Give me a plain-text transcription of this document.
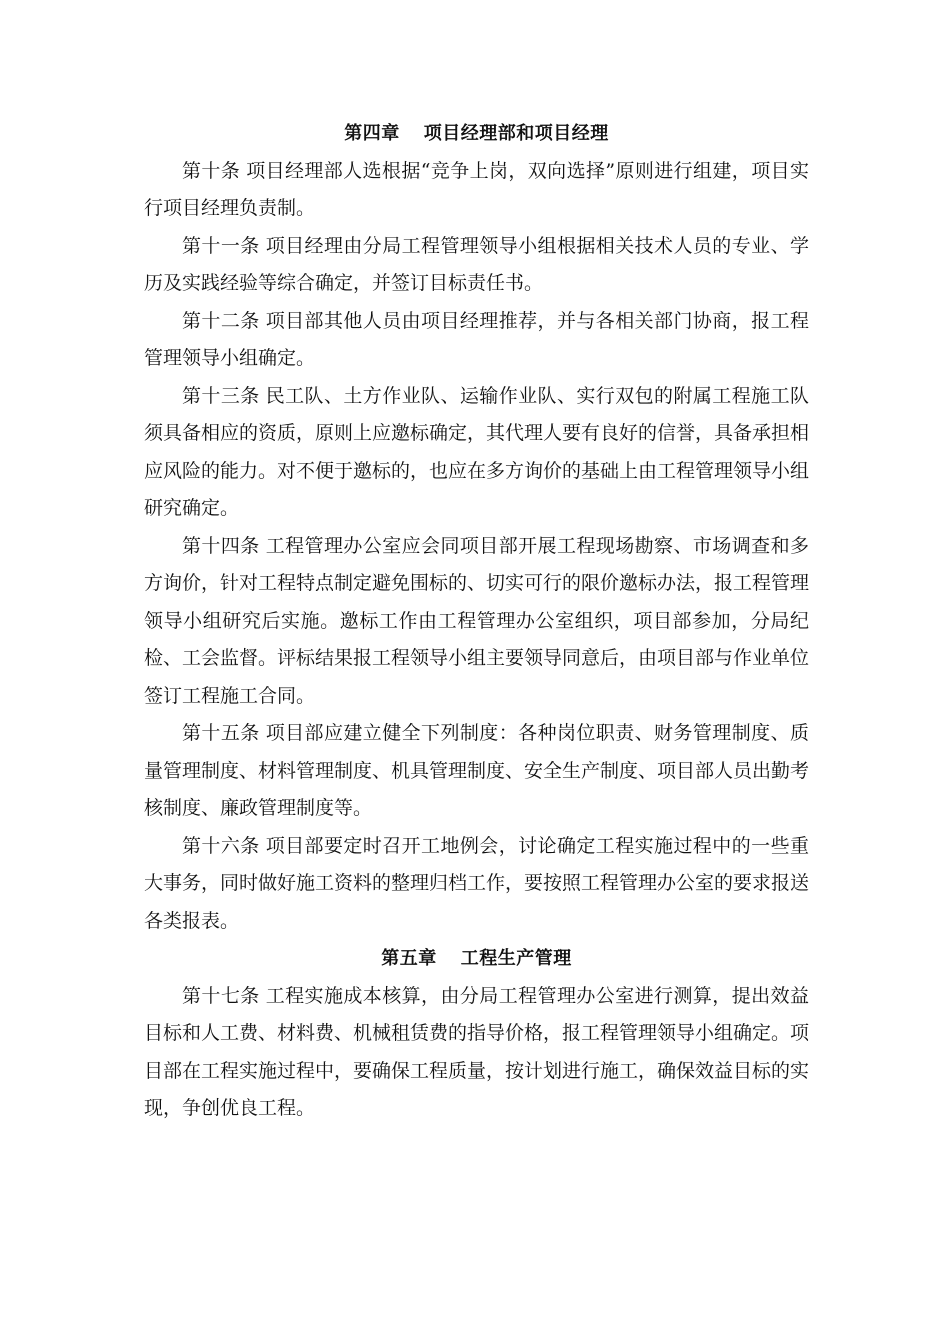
第四章 项目经理部和项目经理

第十条 项目经理部人选根据“竞争上岗，双向选择”原则进行组建，项目实行项目经理负责制。

第十一条 项目经理由分局工程管理领导小组根据相关技术人员的专业、学历及实践经验等综合确定，并签订目标责任书。

第十二条 项目部其他人员由项目经理推荐，并与各相关部门协商，报工程管理领导小组确定。

第十三条 民工队、土方作业队、运输作业队、实行双包的附属工程施工队须具备相应的资质，原则上应邀标确定，其代理人要有良好的信誉，具备承担相应风险的能力。对不便于邀标的，也应在多方询价的基础上由工程管理领导小组研究确定。

第十四条 工程管理办公室应会同项目部开展工程现场勘察、市场调查和多方询价，针对工程特点制定避免围标的、切实可行的限价邀标办法，报工程管理领导小组研究后实施。邀标工作由工程管理办公室组织，项目部参加，分局纪检、工会监督。评标结果报工程领导小组主要领导同意后，由项目部与作业单位签订工程施工合同。

第十五条 项目部应建立健全下列制度：各种岗位职责、财务管理制度、质量管理制度、材料管理制度、机具管理制度、安全生产制度、项目部人员出勤考核制度、廉政管理制度等。

第十六条 项目部要定时召开工地例会，讨论确定工程实施过程中的一些重大事务，同时做好施工资料的整理归档工作，要按照工程管理办公室的要求报送各类报表。

第五章 工程生产管理

第十七条 工程实施成本核算，由分局工程管理办公室进行测算，提出效益目标和人工费、材料费、机械租赁费的指导价格，报工程管理领导小组确定。项目部在工程实施过程中，要确保工程质量，按计划进行施工，确保效益目标的实现，争创优良工程。
